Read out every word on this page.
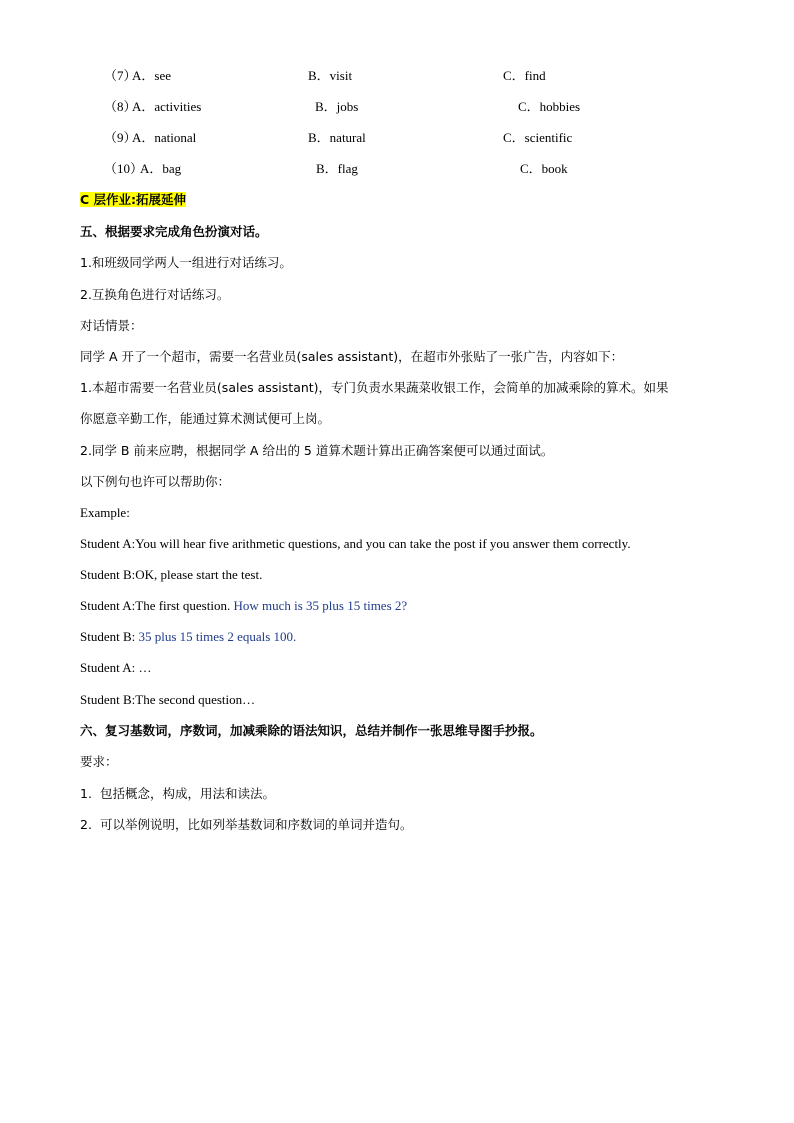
（7）
A．see	B．visit	C．find
（8）
A．activities	B．jobs	C．hobbies
（9）
A．national	B．natural	C．scientific
（10）
A．bag	B．flag	C．book
C 层作业:拓展延伸
五、根据要求完成角色扮演对话。
1.和班级同学两人一组进行对话练习。
2.互换角色进行对话练习。
对话情景：
同学 A 开了一个超市，需要一名营业员(sales assistant)，在超市外张贴了一张广告，内容如下：
1.本超市需要一名营业员(sales assistant)，专门负责水果蔬菜收银工作，会简单的加减乘除的算术。如果
你愿意辛勤工作，能通过算术测试便可上岗。
2.同学 B 前来应聘，根据同学 A 给出的 5 道算术题计算出正确答案便可以通过面试。
以下例句也许可以帮助你：
Example:
Student A:You will hear five arithmetic questions, and you can take the post if you answer them correctly.
Student B:OK, please start the test.
Student A:The first question. How much is 35 plus 15 times 2?
Student B: 35 plus 15 times 2 equals 100.
Student A: …
Student B:The second question…
六、复习基数词，序数词，加减乘除的语法知识，总结并制作一张思维导图手抄报。
要求：
1. 包括概念，构成，用法和读法。
2. 可以举例说明，比如列举基数词和序数词的单词并造句。
